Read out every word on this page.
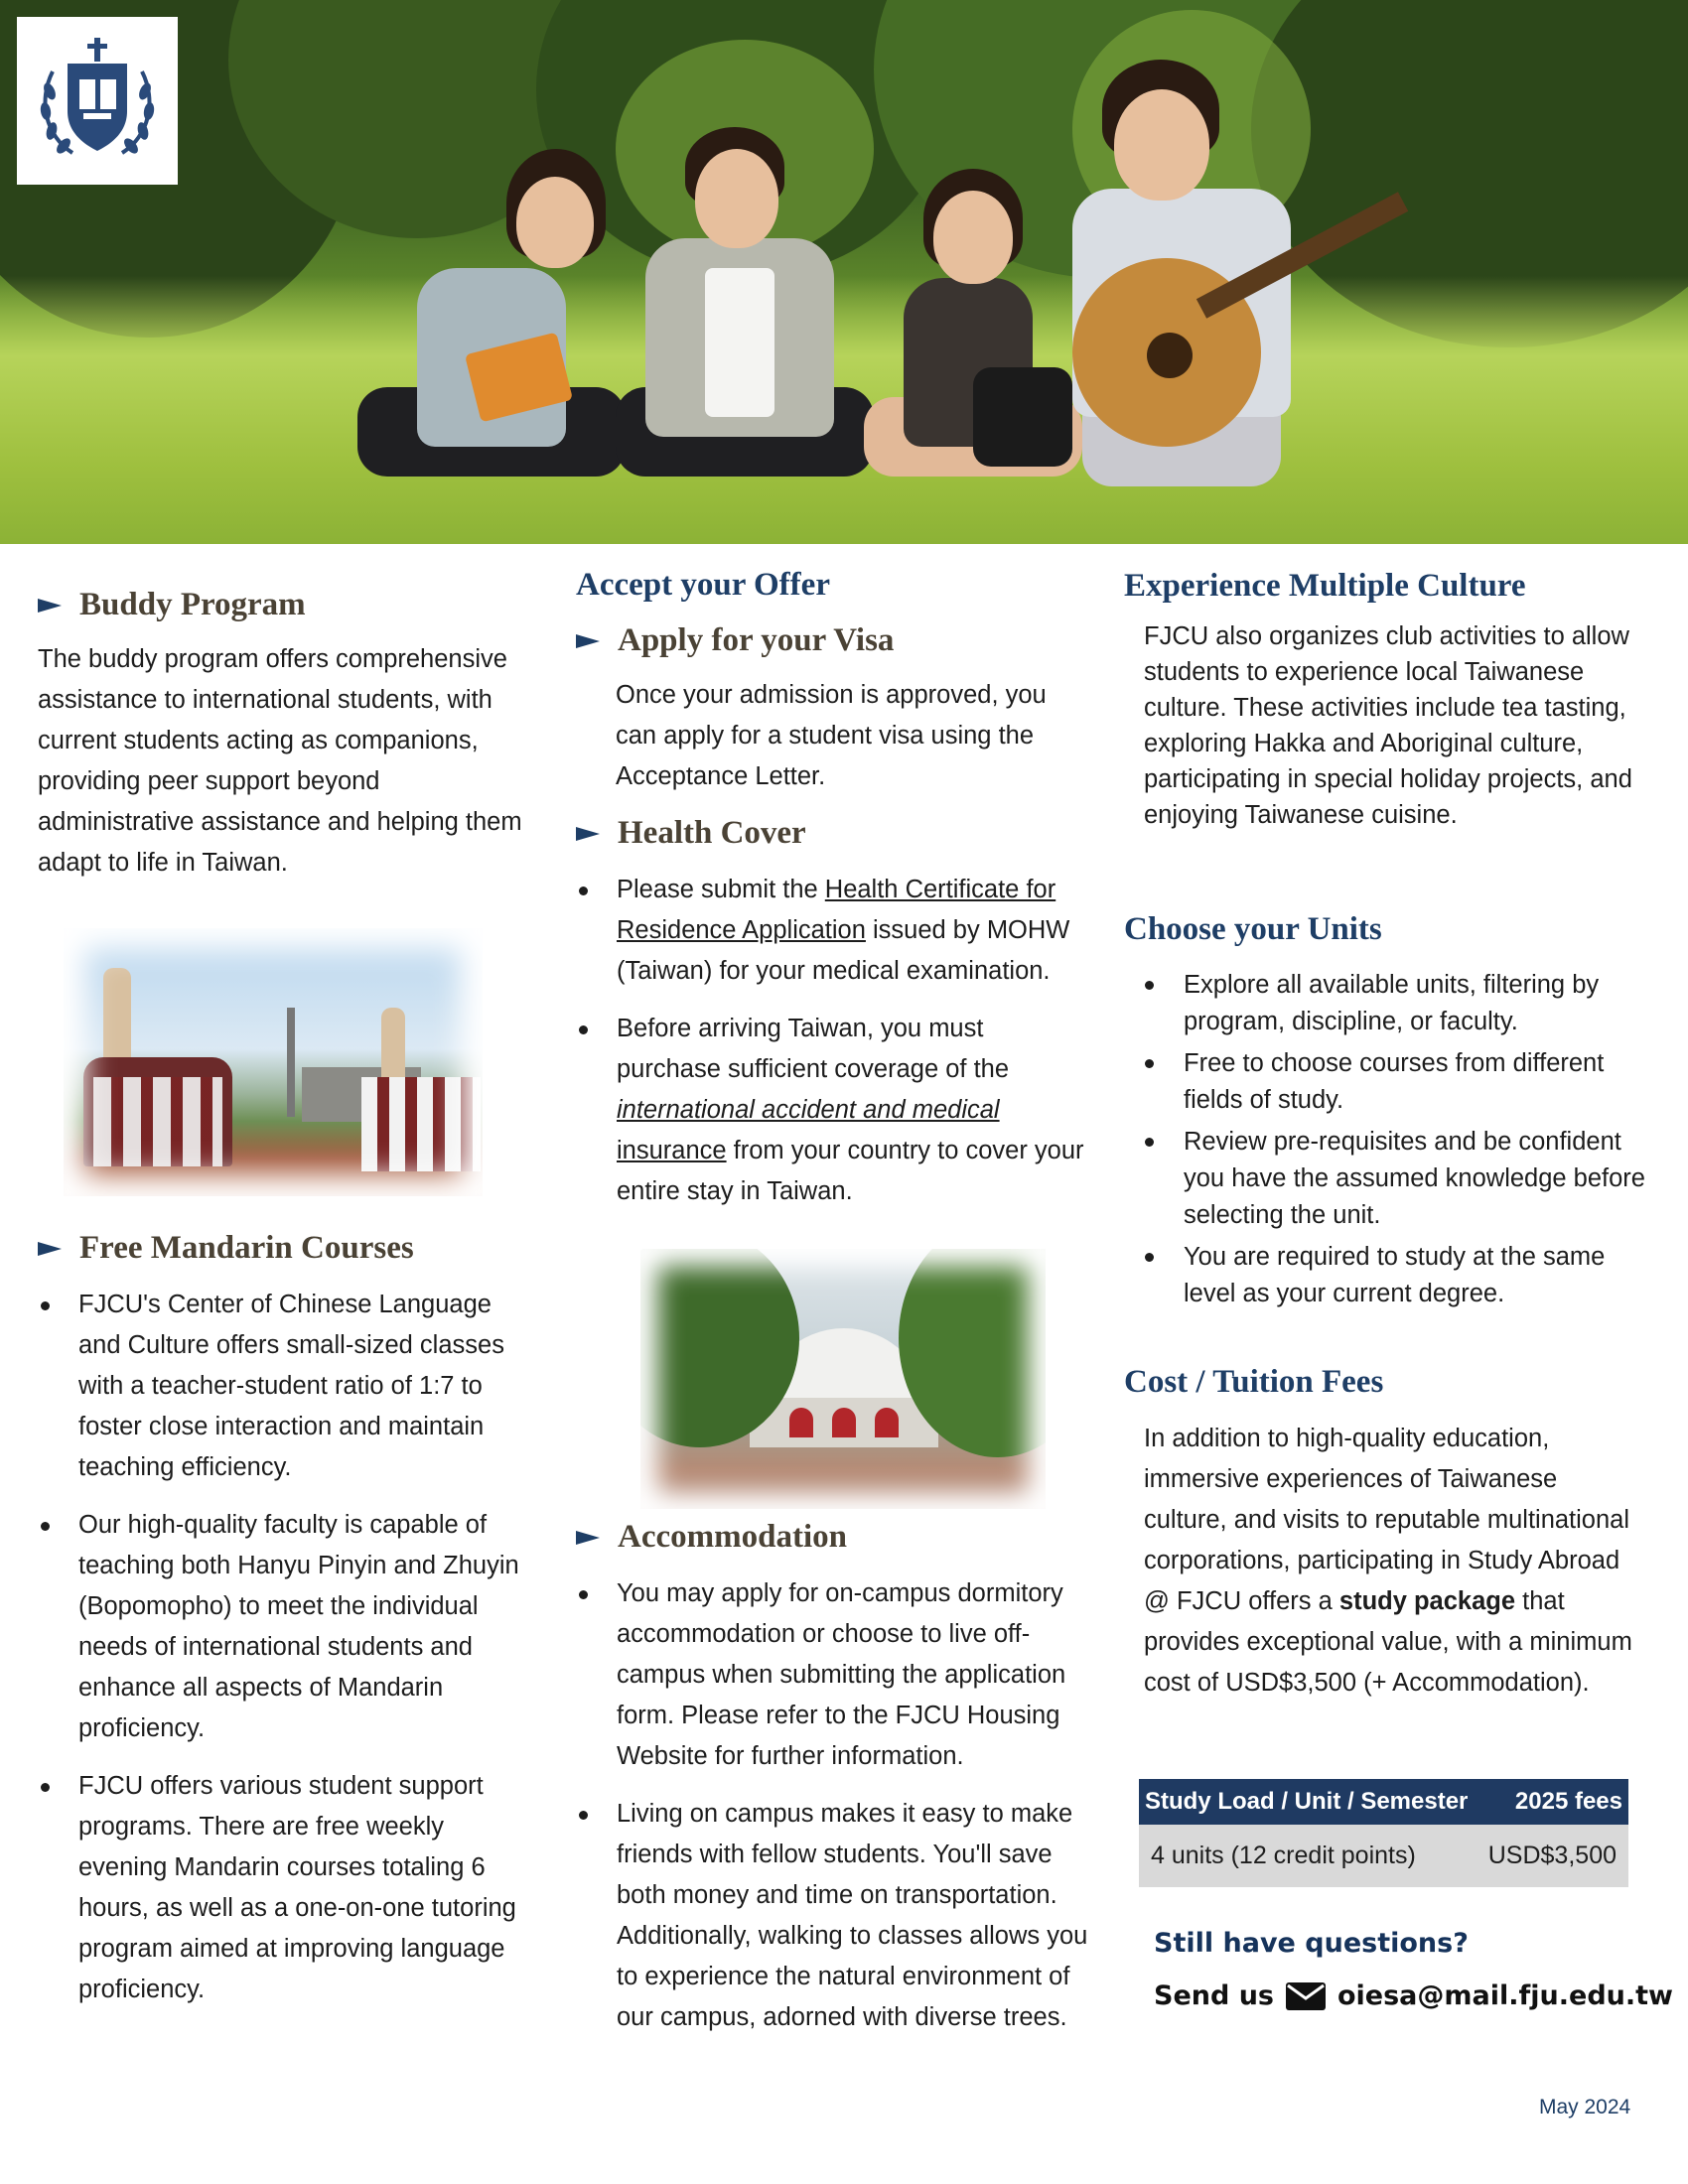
Buddy Program

The buddy program offers comprehensive assistance to international students, with current students acting as companions, providing peer support beyond administrative assistance and helping them adapt to life in Taiwan.

Free Mandarin Courses
FJCU's Center of Chinese Language and Culture offers small-sized classes with a teacher-student ratio of 1:7 to foster close interaction and maintain teaching efficiency.
Our high-quality faculty is capable of teaching both Hanyu Pinyin and Zhuyin (Bopomopho) to meet the individual needs of international students and enhance all aspects of Mandarin proficiency.
FJCU offers various student support programs. There are free weekly evening Mandarin courses totaling 6 hours, as well as a one-on-one tutoring program aimed at improving language proficiency.
Accept your Offer
Apply for your Visa

Once your admission is approved, you can apply for a student visa using the Acceptance Letter.

Health Cover
Please submit the Health Certificate for Residence Application issued by MOHW (Taiwan) for your medical examination.
Before arriving Taiwan, you must purchase sufficient coverage of the international accident and medical insurance from your country to cover your entire stay in Taiwan.
Accommodation
You may apply for on-campus dormitory accommodation or choose to live off-campus when submitting the application form. Please refer to the FJCU Housing Website for further information.
Living on campus makes it easy to make friends with fellow students. You'll save both money and time on transportation. Additionally, walking to classes allows you to experience the natural environment of our campus, adorned with diverse trees.
Experience Multiple Culture

FJCU also organizes club activities to allow students to experience local Taiwanese culture. These activities include tea tasting, exploring Hakka and Aboriginal culture, participating in special holiday projects, and enjoying Taiwanese cuisine.

Choose your Units
Explore all available units, filtering by program, discipline, or faculty.
Free to choose courses from different fields of study.
Review pre-requisites and be confident you have the assumed knowledge before selecting the unit.
You are required to study at the same level as your current degree.
Cost / Tuition Fees

In addition to high-quality education, immersive experiences of Taiwanese culture, and visits to reputable multinational corporations, participating in Study Abroad @ FJCU offers a study package that provides exceptional value, with a minimum cost of USD$3,500 (+ Accommodation).

Study Load / Unit / Semester	2025 fees
4 units (12 credit points)	USD$3,500
Still have questions?
Send us oiesa@mail.fju.edu.tw
May 2024
